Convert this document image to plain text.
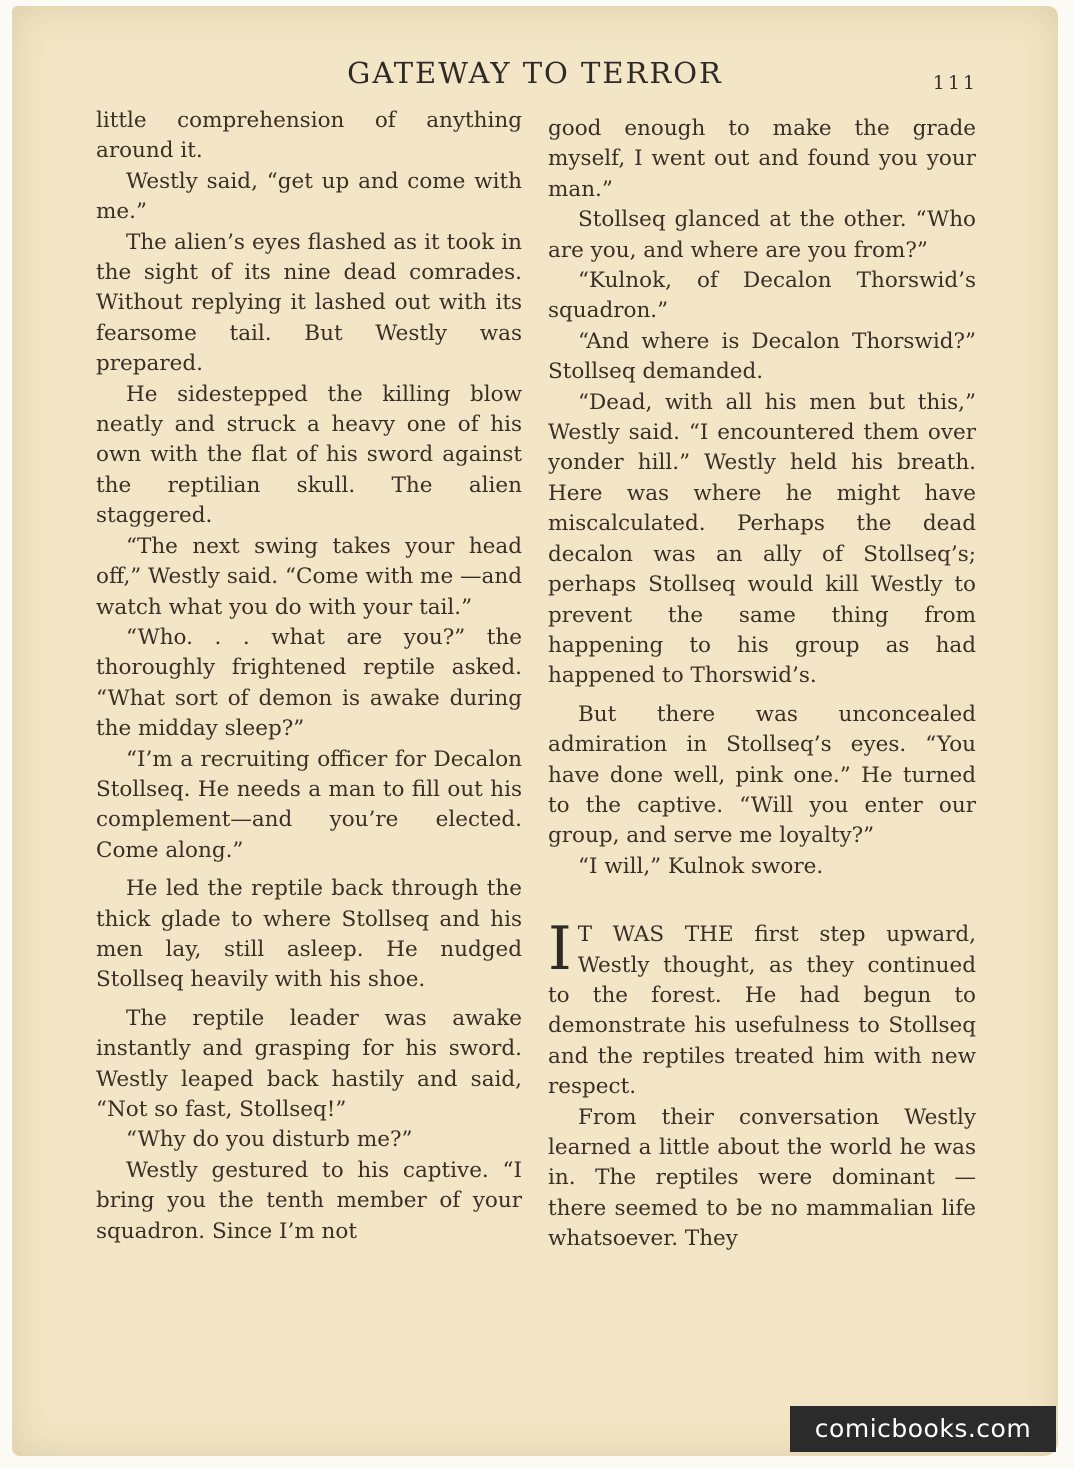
GATEWAY TO TERROR	111

little comprehension of anything around it.

Westly said, “get up and come with me.”

The alien’s eyes flashed as it took in the sight of its nine dead comrades. Without replying it lashed out with its fearsome tail. But Westly was prepared.

He sidestepped the killing blow neatly and struck a heavy one of his own with the flat of his sword against the reptilian skull. The alien staggered.

“The next swing takes your head off,” Westly said. “Come with me —and watch what you do with your tail.”

“Who. . . what are you?” the thoroughly frightened reptile asked. “What sort of demon is awake during the midday sleep?”

“I’m a recruiting officer for Decalon Stollseq. He needs a man to fill out his complement—and you’re elected. Come along.”

He led the reptile back through the thick glade to where Stollseq and his men lay, still asleep. He nudged Stollseq heavily with his shoe.

The reptile leader was awake instantly and grasping for his sword. Westly leaped back hastily and said, “Not so fast, Stollseq!”

“Why do you disturb me?”

Westly gestured to his captive. “I bring you the tenth member of your squadron. Since I’m not

good enough to make the grade myself, I went out and found you your man.”

Stollseq glanced at the other. “Who are you, and where are you from?”

“Kulnok, of Decalon Thorswid’s squadron.”

“And where is Decalon Thorswid?” Stollseq demanded.

“Dead, with all his men but this,” Westly said. “I encountered them over yonder hill.” Westly held his breath. Here was where he might have miscalculated. Perhaps the dead decalon was an ally of Stollseq’s; perhaps Stollseq would kill Westly to prevent the same thing from happening to his group as had happened to Thorswid’s.

But there was unconcealed admiration in Stollseq’s eyes. “You have done well, pink one.” He turned to the captive. “Will you enter our group, and serve me loyalty?”

“I will,” Kulnok swore.

I T WAS THE first step upward, Westly thought, as they continued to the forest. He had begun to demonstrate his usefulness to Stollseq and the reptiles treated him with new respect.

From their conversation Westly learned a little about the world he was in. The reptiles were dominant — there seemed to be no mammalian life whatsoever. They

comicbooks.com
